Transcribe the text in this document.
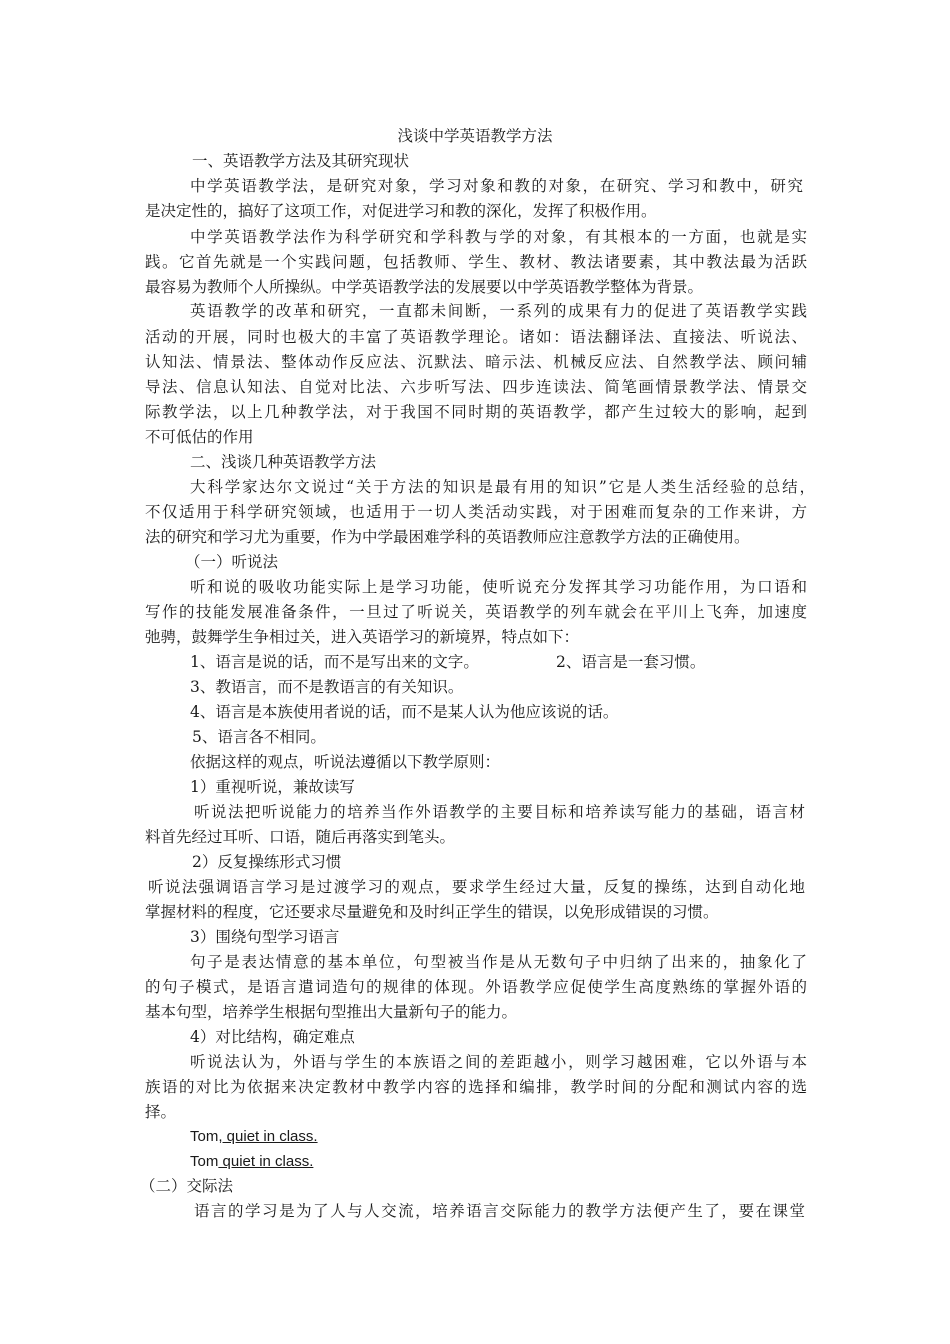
浅谈中学英语教学方法
一、英语教学方法及其研究现状
中学英语教学法，是研究对象，学习对象和教的对象，在研究、学习和教中，研究
是决定性的，搞好了这项工作，对促进学习和教的深化，发挥了积极作用。
中学英语教学法作为科学研究和学科教与学的对象，有其根本的一方面，也就是实
践。它首先就是一个实践问题，包括教师、学生、教材、教法诸要素，其中教法最为活跃
最容易为教师个人所操纵。中学英语教学法的发展要以中学英语教学整体为背景。
英语教学的改革和研究，一直都未间断，一系列的成果有力的促进了英语教学实践
活动的开展，同时也极大的丰富了英语教学理论。诸如：语法翻译法、直接法、听说法、
认知法、情景法、整体动作反应法、沉默法、暗示法、机械反应法、自然教学法、顾问辅
导法、信息认知法、自觉对比法、六步听写法、四步连读法、简笔画情景教学法、情景交
际教学法，以上几种教学法，对于我国不同时期的英语教学，都产生过较大的影响，起到
不可低估的作用
二、浅谈几种英语教学方法
大科学家达尔文说过“关于方法的知识是最有用的知识”它是人类生活经验的总结，
不仅适用于科学研究领域，也适用于一切人类活动实践，对于困难而复杂的工作来讲，方
法的研究和学习尤为重要，作为中学最困难学科的英语教师应注意教学方法的正确使用。
（一）听说法
听和说的吸收功能实际上是学习功能，使听说充分发挥其学习功能作用，为口语和
写作的技能发展准备条件，一旦过了听说关，英语教学的列车就会在平川上飞奔，加速度
弛骋，鼓舞学生争相过关，进入英语学习的新境界，特点如下：
1、语言是说的话，而不是写出来的文字。	2、语言是一套习惯。
3、教语言，而不是教语言的有关知识。
4、语言是本族使用者说的话，而不是某人认为他应该说的话。
5、语言各不相同。
依据这样的观点，听说法遵循以下教学原则：
1）重视听说，兼故读写
听说法把听说能力的培养当作外语教学的主要目标和培养读写能力的基础，语言材
料首先经过耳听、口语，随后再落实到笔头。
2）反复操练形式习惯
听说法强调语言学习是过渡学习的观点，要求学生经过大量，反复的操练，达到自动化地
掌握材料的程度，它还要求尽量避免和及时纠正学生的错误，以免形成错误的习惯。
3）围绕句型学习语言
句子是表达情意的基本单位，句型被当作是从无数句子中归纳了出来的，抽象化了
的句子模式，是语言遣词造句的规律的体现。外语教学应促使学生高度熟练的掌握外语的
基本句型，培养学生根据句型推出大量新句子的能力。
4）对比结构，确定难点
听说法认为，外语与学生的本族语之间的差距越小，则学习越困难，它以外语与本
族语的对比为依据来决定教材中教学内容的选择和编排，教学时间的分配和测试内容的选
择。
Tom, quiet in class.
Tom quiet in class.
（二）交际法
语言的学习是为了人与人交流，培养语言交际能力的教学方法便产生了，要在课堂
